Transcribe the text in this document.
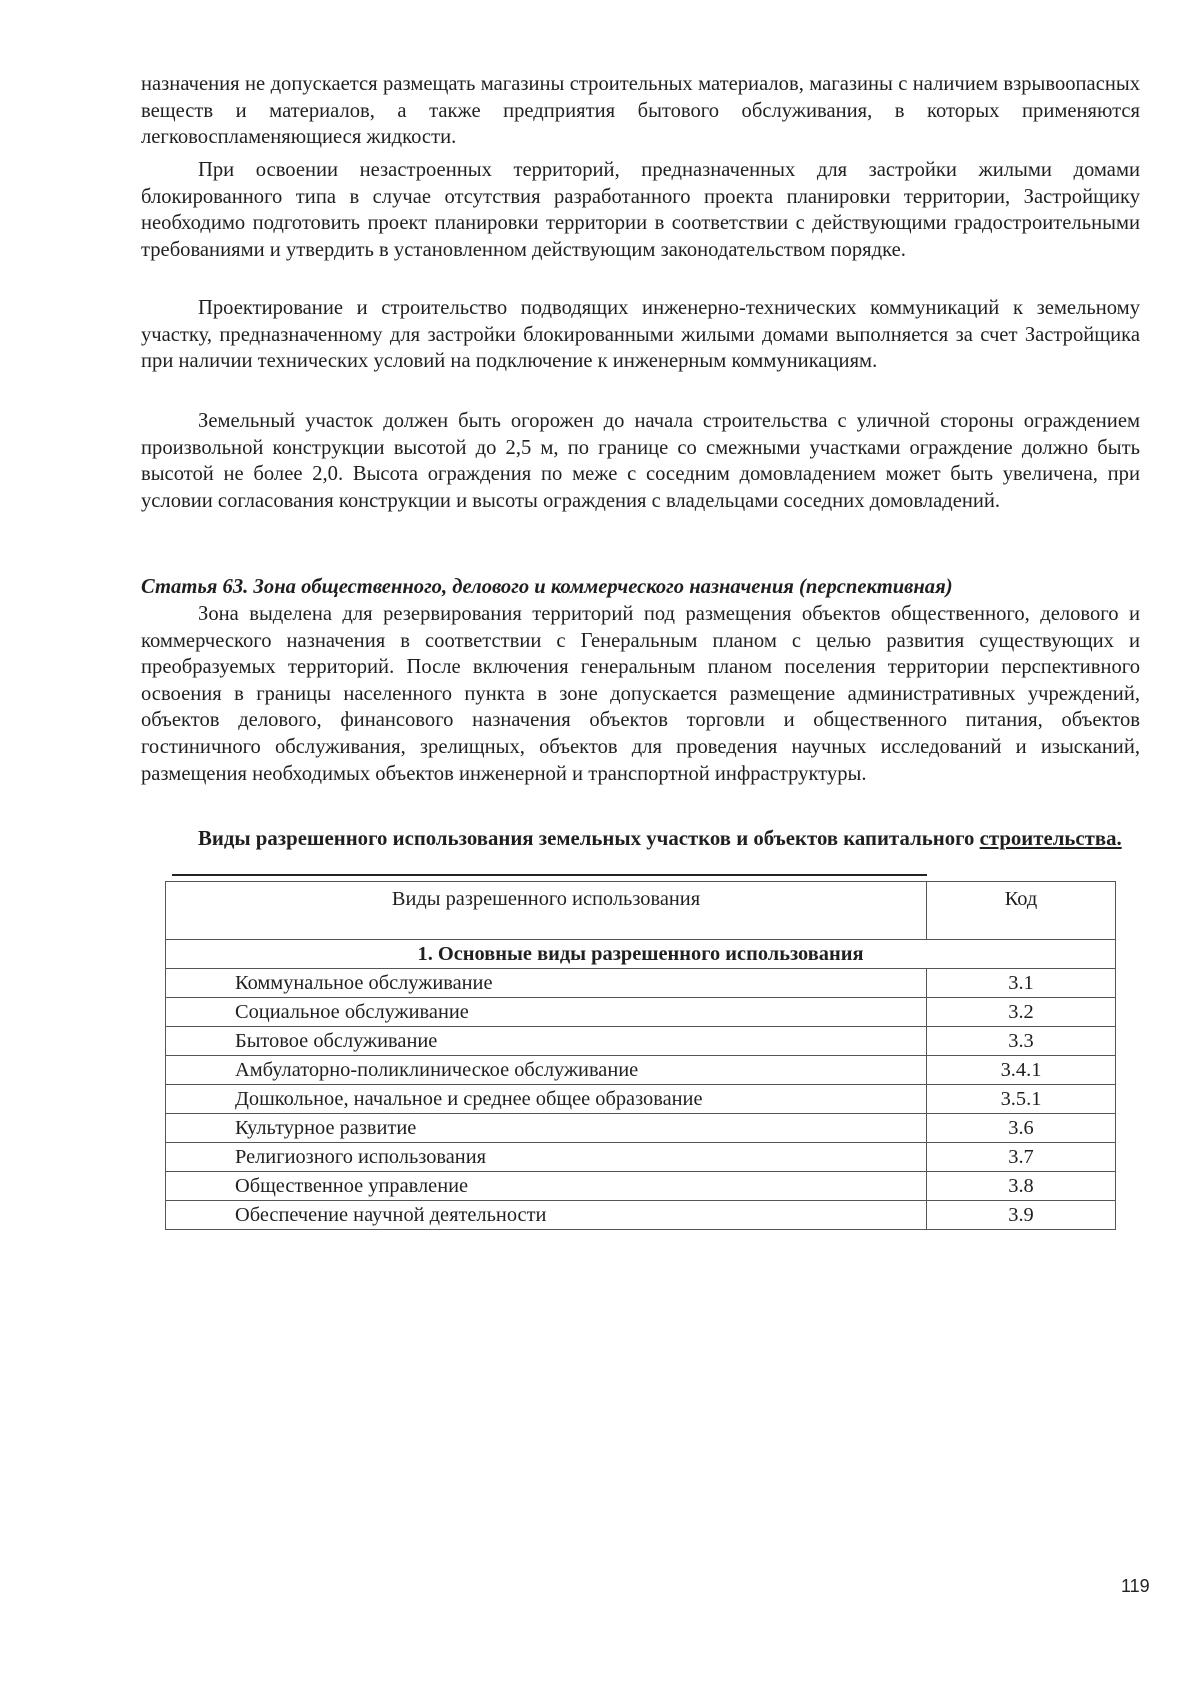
назначения не допускается размещать магазины строительных материалов, магазины с наличием взрывоопасных веществ и материалов, а также предприятия бытового обслуживания, в которых применяются легковоспламеняющиеся жидкости.

При освоении незастроенных территорий, предназначенных для застройки жилыми домами блокированного типа в случае отсутствия разработанного проекта планировки территории, Застройщику необходимо подготовить проект планировки территории в соответствии с действующими градостроительными требованиями и утвердить в установленном действующим законодательством порядке.

Проектирование и строительство подводящих инженерно-технических коммуникаций к земельному участку, предназначенному для застройки блокированными жилыми домами выполняется за счет Застройщика при наличии технических условий на подключение к инженерным коммуникациям.

Земельный участок должен быть огорожен до начала строительства с уличной стороны ограждением произвольной конструкции высотой до 2,5 м, по границе со смежными участками ограждение должно быть высотой не более 2,0. Высота ограждения по меже с соседним домовладением может быть увеличена, при условии согласования конструкции и высоты ограждения с владельцами соседних домовладений.

Статья 63. Зона общественного, делового и коммерческого назначения (перспективная)

Зона выделена для резервирования территорий под размещения объектов общественного, делового и коммерческого назначения в соответствии с Генеральным планом с целью развития существующих и преобразуемых территорий. После включения генеральным планом поселения территории перспективного освоения в границы населенного пункта в зоне допускается размещение административных учреждений, объектов делового, финансового назначения объектов торговли и общественного питания, объектов гостиничного обслуживания, зрелищных, объектов для проведения научных исследований и изысканий, размещения необходимых объектов инженерной и транспортной инфраструктуры.

Виды разрешенного использования земельных участков и объектов капитального строительства.

Виды разрешенного использования	Код

1. Основные виды разрешенного использования	
Коммунальное обслуживание	3.1
Социальное обслуживание	3.2
Бытовое обслуживание	3.3
Амбулаторно-поликлиническое обслуживание	3.4.1
Дошкольное, начальное и среднее общее образование	3.5.1
Культурное развитие	3.6
Религиозного использования	3.7
Общественное управление	3.8
Обеспечение научной деятельности	3.9
119
